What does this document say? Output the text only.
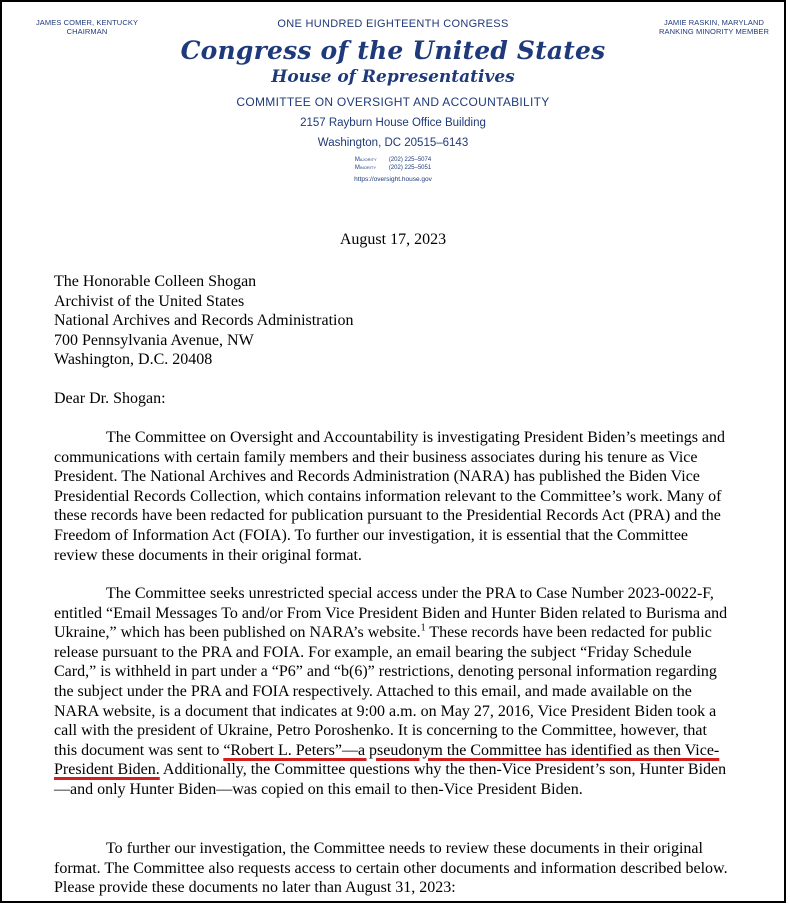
JAMES COMER, KENTUCKY
CHAIRMAN
JAMIE RASKIN, MARYLAND
RANKING MINORITY MEMBER
ONE HUNDRED EIGHTEENTH CONGRESS
Congress of the United States
House of Representatives
COMMITTEE ON OVERSIGHT AND ACCOUNTABILITY
2157 Rayburn House Office Building
Washington, DC 20515–6143
Majority (202) 225–5074
Minority (202) 225–5051
https://oversight.house.gov
August 17, 2023
The Honorable Colleen Shogan
Archivist of the United States
National Archives and Records Administration
700 Pennsylvania Avenue, NW
Washington, D.C. 20408
Dear Dr. Shogan:
The Committee on Oversight and Accountability is investigating President Biden’s meetings and communications with certain family members and their business associates during his tenure as Vice President. The National Archives and Records Administration (NARA) has published the Biden Vice Presidential Records Collection, which contains information relevant to the Committee’s work. Many of these records have been redacted for publication pursuant to the Presidential Records Act (PRA) and the Freedom of Information Act (FOIA). To further our investigation, it is essential that the Committee review these documents in their original format.
The Committee seeks unrestricted special access under the PRA to Case Number 2023-0022-F, entitled “Email Messages To and/or From Vice President Biden and Hunter Biden related to Burisma and Ukraine,” which has been published on NARA’s website.$^1$ These records have been redacted for public release pursuant to the PRA and FOIA. For example, an email bearing the subject “Friday Schedule Card,” is withheld in part under a “P6” and “b(6)” restrictions, denoting personal information regarding the subject under the PRA and FOIA respectively. Attached to this email, and made available on the NARA website, is a document that indicates at 9:00 a.m. on May 27, 2016, Vice President Biden took a call with the president of Ukraine, Petro Poroshenko. It is concerning to the Committee, however, that this document was sent to “Robert L. Peters”—a pseudonym the Committee has identified as then Vice-President Biden. Additionally, the Committee questions why the then-Vice President’s son, Hunter Biden—and only Hunter Biden—was copied on this email to then-Vice President Biden.
To further our investigation, the Committee needs to review these documents in their original format. The Committee also requests access to certain other documents and information described below. Please provide these documents no later than August 31, 2023:
